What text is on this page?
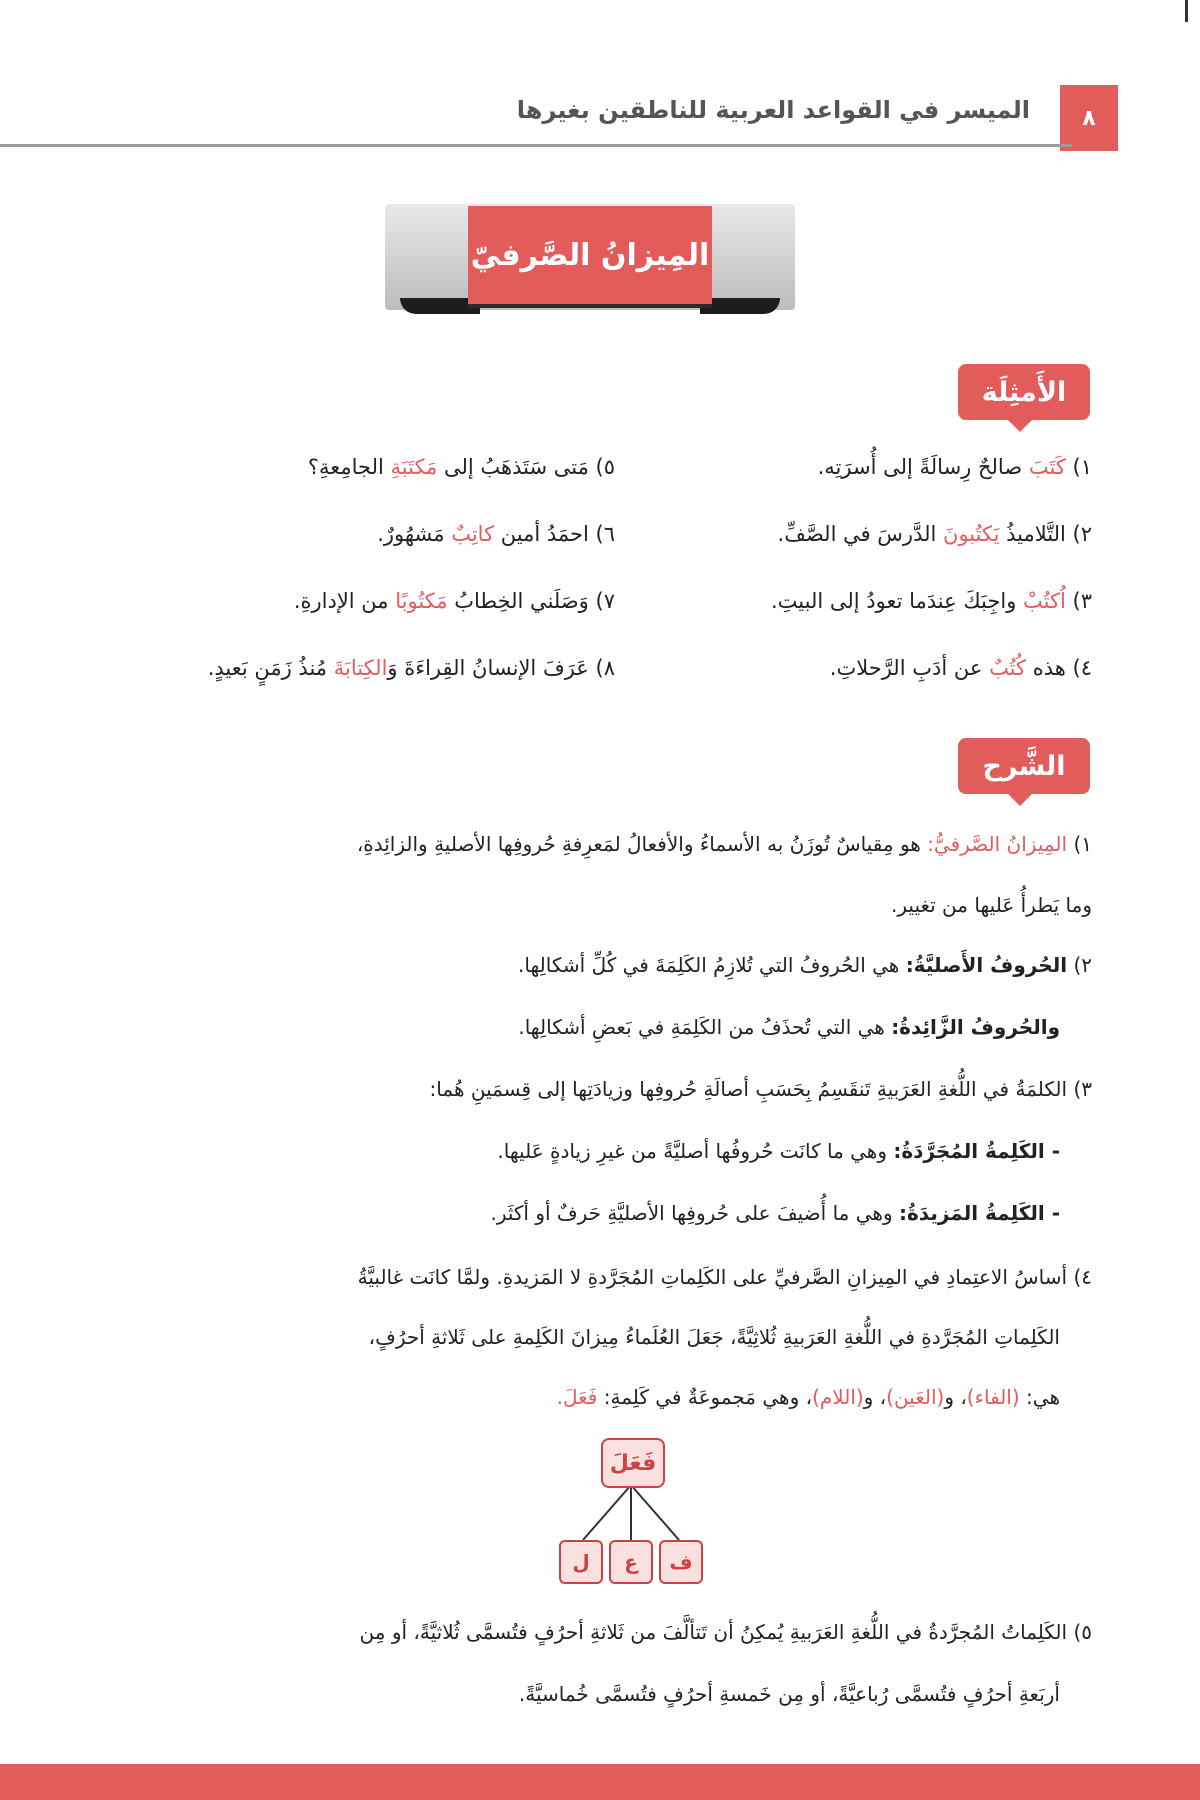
٨
الميسر في القواعد العربية للناطقين بغيرها
المِيزانُ الصَّرفيّ
الأَمثِلَة
١) كَتَبَ صالحٌ رِسالَةً إلى أُسرَتِه.
٢) التَّلاميذُ يَكتُبونَ الدَّرسَ في الصَّفِّ.
٣) اُكتُبْ واجِبَكَ عِندَما تعودُ إلى البيتِ.
٤) هذه كُتُبٌ عن أدَبِ الرَّحلاتِ.
٥) مَتى سَتَذهَبُ إلى مَكتَبَةِ الجامِعةِ؟
٦) احمَدُ أمين كاتِبٌ مَشهُورٌ.
٧) وَصَلَني الخِطابُ مَكتُوبًا من الإدارةِ.
٨) عَرَفَ الإنسانُ القِراءَةَ وَالكِتابَةَ مُنذُ زَمَنٍ بَعيدٍ.
الشَّرح
١) المِيزانُ الصَّرفيُّ: هو مِقياسٌ تُوزَنُ به الأسماءُ والأفعالُ لمَعرِفةِ حُروفِها الأصليةِ والزائِدةِ،
وما يَطرأُ عَليها من تغيير.
٢) الحُروفُ الأَصليَّةُ: هي الحُروفُ التي تُلازِمُ الكَلِمَةَ في كُلِّ أشكالِها.
والحُروفُ الزَّائِدةُ: هي التي تُحذَفُ من الكَلِمَةِ في بَعضِ أشكالِها.
٣) الكلمَةُ في اللُّغةِ العَرَبيةِ تَنقَسِمُ بِحَسَبِ أصالَةِ حُروفِها وزيادَتِها إلى قِسمَينِ هُما:
- الكَلِمةُ المُجَرَّدَةُ: وهي ما كانَت حُروفُها أصليَّةً من غيرِ زيادةٍ عَليها.
- الكَلِمةُ المَزيدَةُ: وهي ما أُضيفَ على حُروفِها الأصليَّةِ حَرفٌ أو أكثَر.
٤) أساسُ الاعتِمادِ في المِيزانِ الصَّرفيِّ على الكَلِماتِ المُجَرَّدةِ لا المَزيدةِ. ولمَّا كانَت غالبيَّةُ
الكَلِماتِ المُجَرَّدةِ في اللُّغةِ العَرَبيةِ ثُلاثِيَّةً، جَعَلَ العُلَماءُ مِيزانَ الكَلِمةِ على ثَلاثةِ أحرُفٍ،
هي: (الفاء)، و(العَين)، و(اللام)، وهي مَجموعَةٌ في كَلِمةِ: فَعَلَ.
فَعَلَ
ل	ع	ف
٥) الكَلِماتُ المُجرَّدةُ في اللُّغةِ العَرَبيةِ يُمكِنُ أن تَتألَّفَ من ثَلاثةِ أحرُفٍ فتُسمَّى ثُلاثيَّةً، أو مِن
أربَعةِ أحرُفٍ فتُسمَّى رُباعيَّةً، أو مِن خَمسةِ أحرُفٍ فتُسمَّى خُماسيَّةً.
